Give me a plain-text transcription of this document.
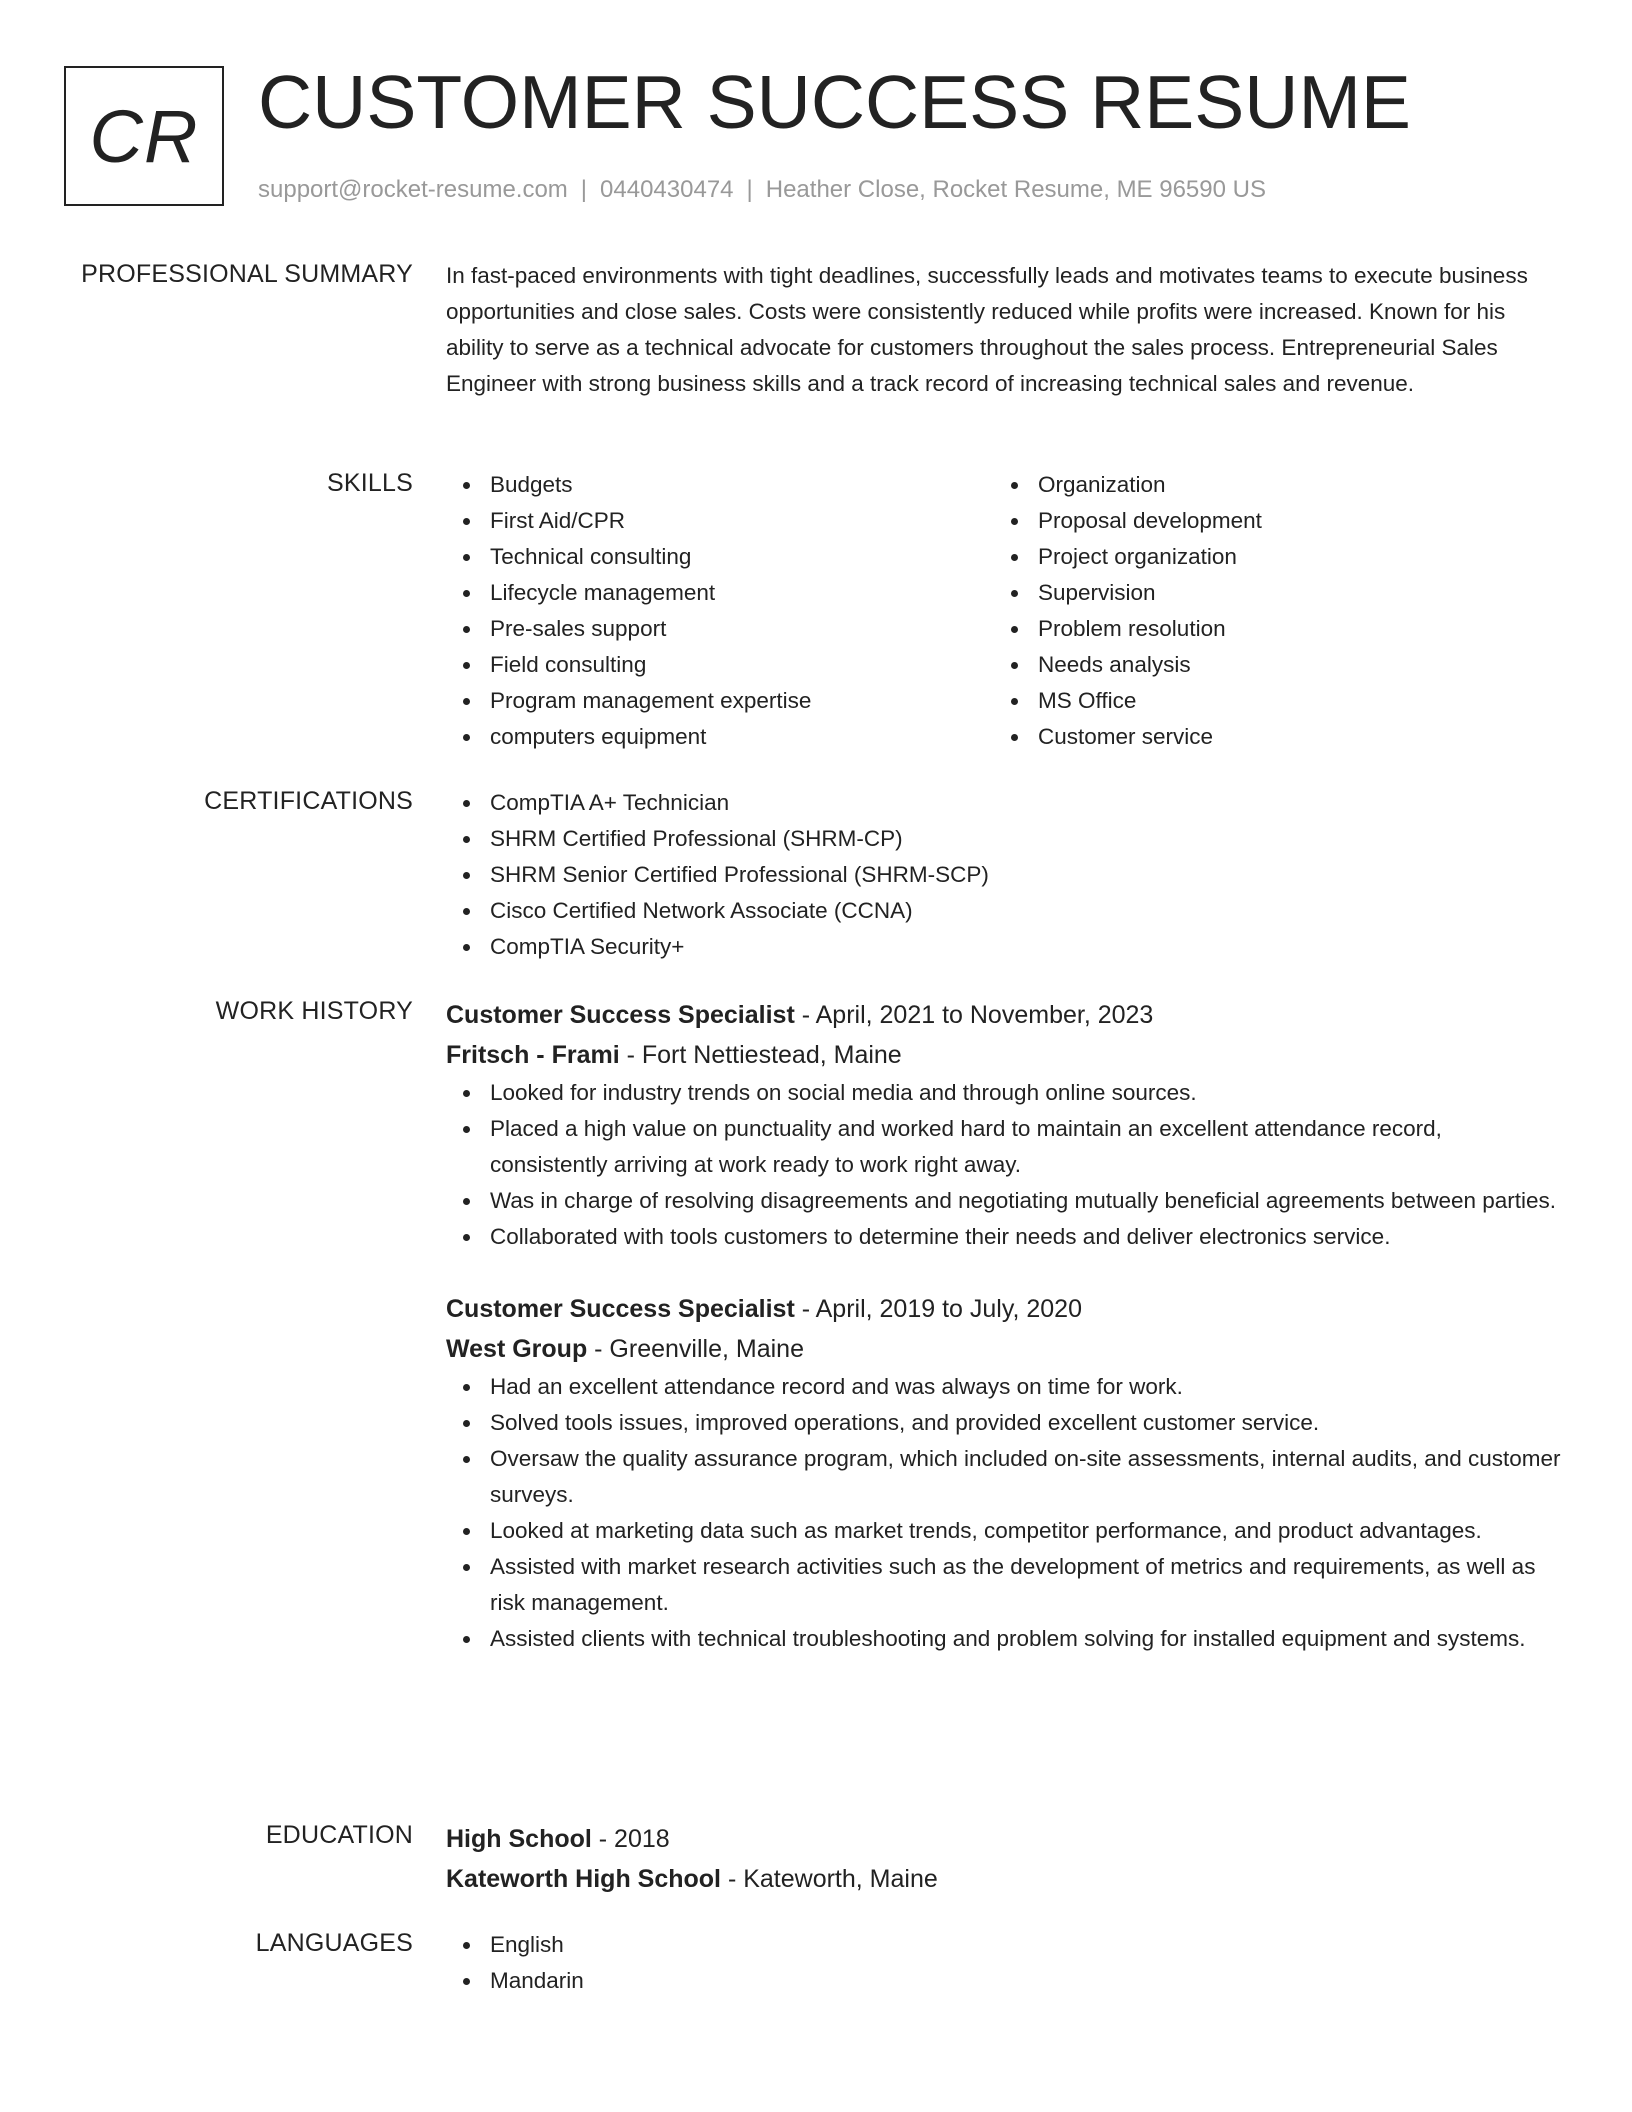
CR CUSTOMER SUCCESS RESUME
support@rocket-resume.com | 0440430474 | Heather Close, Rocket Resume, ME 96590 US
PROFESSIONAL SUMMARY In fast-paced environments with tight deadlines, successfully leads and motivates teams to execute business opportunities and close sales. Costs were consistently reduced while profits were increased. Known for his ability to serve as a technical advocate for customers throughout the sales process. Entrepreneurial Sales Engineer with strong business skills and a track record of increasing technical sales and revenue.

SKILLS	Budgets
First Aid/CPR
Technical consulting
Lifecycle management
Pre-sales support
Field consulting
Program management expertise
computers equipment
Organization
Proposal development
Project organization
Supervision
Problem resolution
Needs analysis
MS Office
Customer service
CERTIFICATIONS	CompTIA A+ Technician
SHRM Certified Professional (SHRM-CP)
SHRM Senior Certified Professional (SHRM-SCP)
Cisco Certified Network Associate (CCNA)
CompTIA Security+
WORK HISTORY Customer Success Specialist - April, 2021 to November, 2023
Fritsch - Frami - Fort Nettiestead, Maine
Looked for industry trends on social media and through online sources.
Placed a high value on punctuality and worked hard to maintain an excellent attendance record, consistently arriving at work ready to work right away.
Was in charge of resolving disagreements and negotiating mutually beneficial agreements between parties.
Collaborated with tools customers to determine their needs and deliver electronics service.
Customer Success Specialist - April, 2019 to July, 2020
West Group - Greenville, Maine
Had an excellent attendance record and was always on time for work.
Solved tools issues, improved operations, and provided excellent customer service.
Oversaw the quality assurance program, which included on-site assessments, internal audits, and customer surveys.
Looked at marketing data such as market trends, competitor performance, and product advantages.
Assisted with market research activities such as the development of metrics and requirements, as well as risk management.
Assisted clients with technical troubleshooting and problem solving for installed equipment and systems.
EDUCATION High School - 2018
Kateworth High School - Kateworth, Maine
LANGUAGES	English
Mandarin
